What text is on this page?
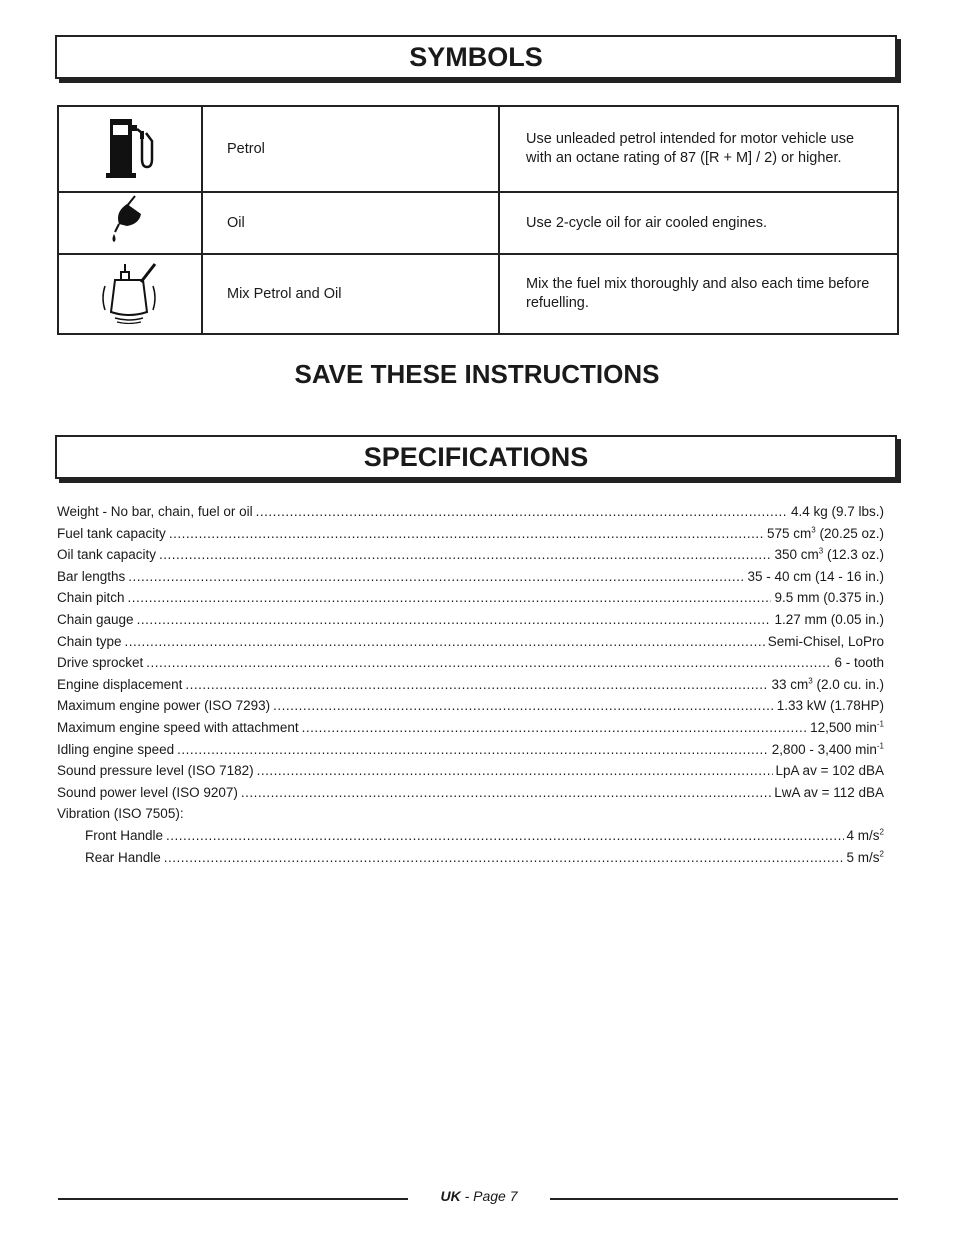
SYMBOLS
	Petrol	Use unleaded petrol intended for motor vehicle use with an octane rating of 87 ([R + M] / 2) or higher.
	Oil	Use 2-cycle oil for air cooled engines.
	Mix Petrol and Oil	Mix the fuel mix thoroughly and also each time before refuelling.
SAVE THESE INSTRUCTIONS
SPECIFICATIONS
Weight - No bar, chain, fuel or oil .....	4.4 kg (9.7 lbs.)
Fuel tank capacity .....	575 $cm^3$ (20.25 oz.)
Oil tank capacity .....	350 $cm^3$ (12.3 oz.)
Bar lengths .....	35 - 40 cm (14 - 16 in.)
Chain pitch .....	9.5 mm (0.375 in.)
Chain gauge .....	1.27 mm (0.05 in.)
Chain type .....	Semi-Chisel, LoPro
Drive sprocket .....	6 - tooth
Engine displacement .....	33 $cm^3$ (2.0 cu. in.)
Maximum engine power (ISO 7293) .....	1.33 kW (1.78HP)
Maximum engine speed with attachment .....	12,500 $\min^{-1}$
Idling engine speed .....	2,800 - 3,400 $\min^{-1}$
Sound pressure level (ISO 7182) .....	LpA av = 102 dBA
Sound power level (ISO 9207) .....	LwA av = 112 dBA
Vibration (ISO 7505):
Front Handle .....	4 $m/s^2$
Rear Handle .....	5 $m/s^2$
UK - Page 7
